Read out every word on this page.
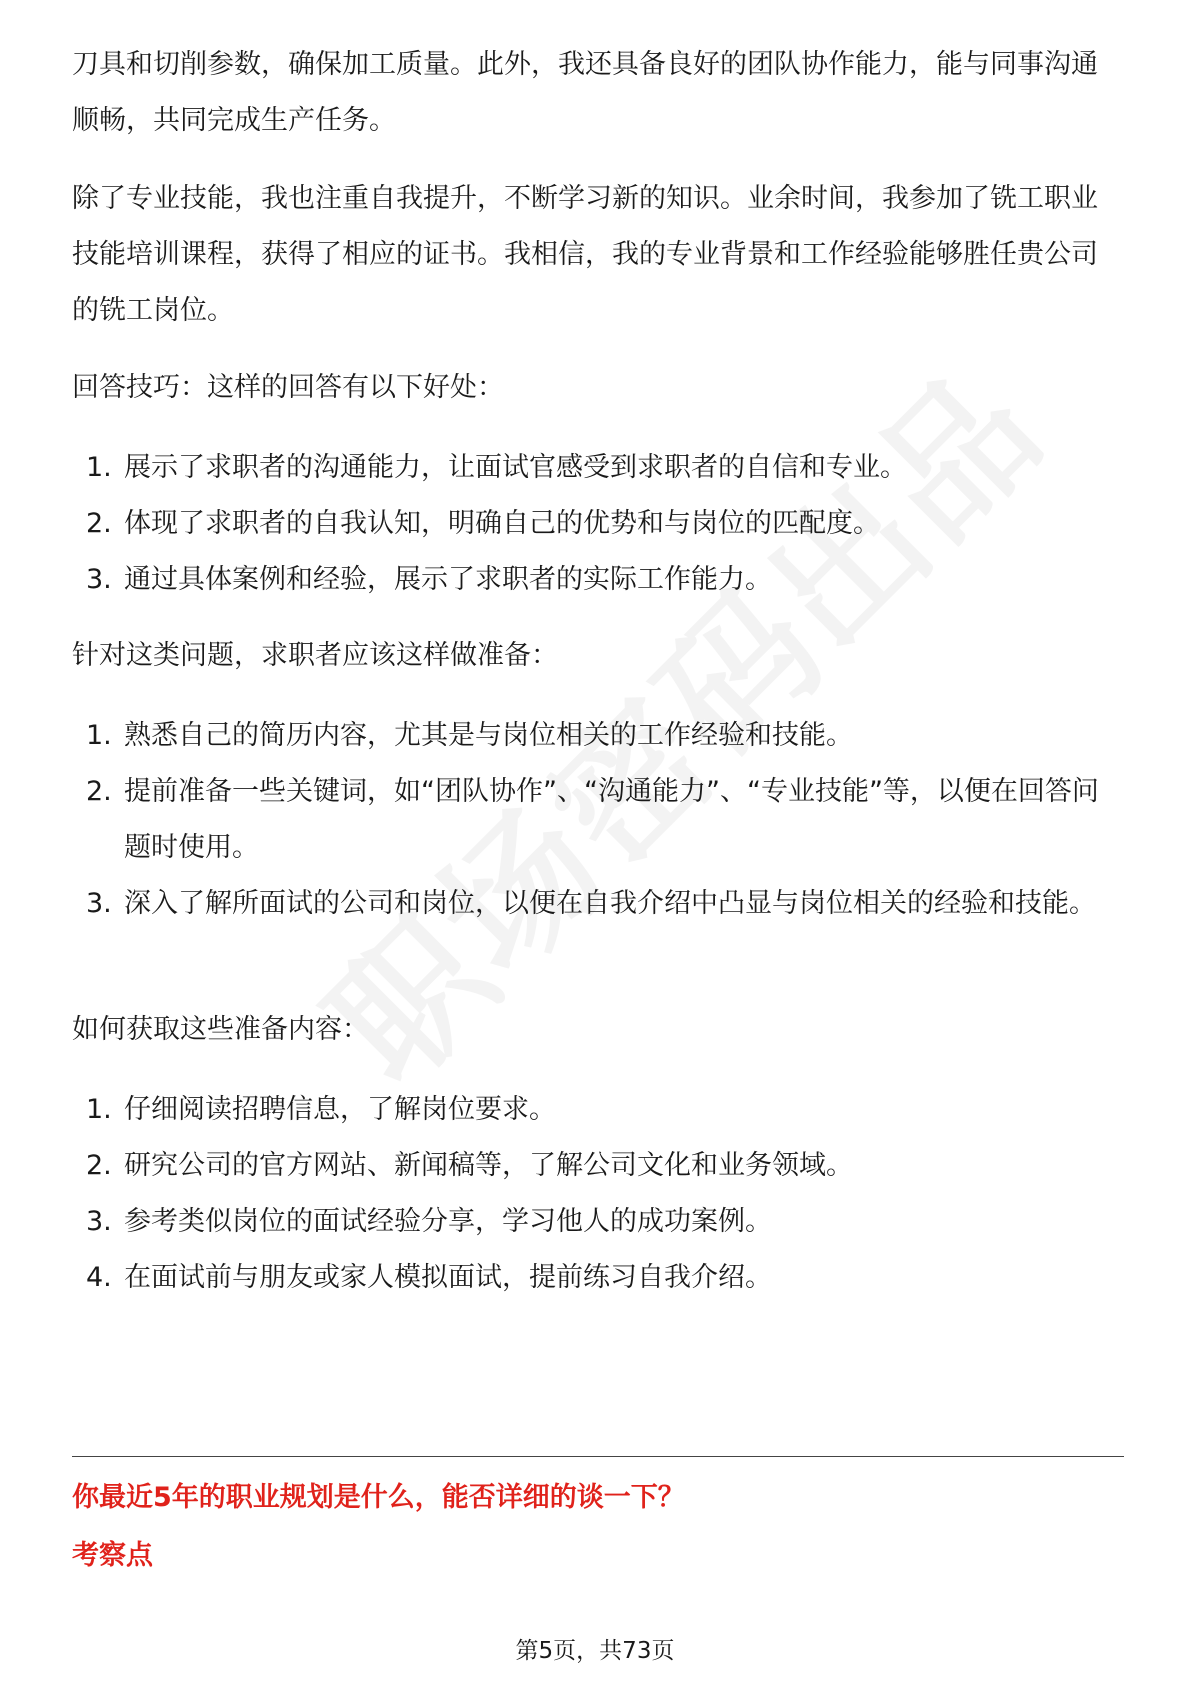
刀具和切削参数，确保加工质量。此外，我还具备良好的团队协作能力，能与同事沟通顺畅，共同完成生产任务。

除了专业技能，我也注重自我提升，不断学习新的知识。业余时间，我参加了铣工职业技能培训课程，获得了相应的证书。我相信，我的专业背景和工作经验能够胜任贵公司的铣工岗位。

回答技巧：这样的回答有以下好处：

1. 展示了求职者的沟通能力，让面试官感受到求职者的自信和专业。
2. 体现了求职者的自我认知，明确自己的优势和与岗位的匹配度。
3. 通过具体案例和经验，展示了求职者的实际工作能力。

针对这类问题，求职者应该这样做准备：

1. 熟悉自己的简历内容，尤其是与岗位相关的工作经验和技能。
2. 提前准备一些关键词，如“团队协作”、“沟通能力”、“专业技能”等，以便在回答问题时使用。
3. 深入了解所面试的公司和岗位，以便在自我介绍中凸显与岗位相关的经验和技能。

如何获取这些准备内容：

1. 仔细阅读招聘信息，了解岗位要求。
2. 研究公司的官方网站、新闻稿等，了解公司文化和业务领域。
3. 参考类似岗位的面试经验分享，学习他人的成功案例。
4. 在面试前与朋友或家人模拟面试，提前练习自我介绍。
你最近5年的职业规划是什么，能否详细的谈一下？
考察点
第5页，共73页
